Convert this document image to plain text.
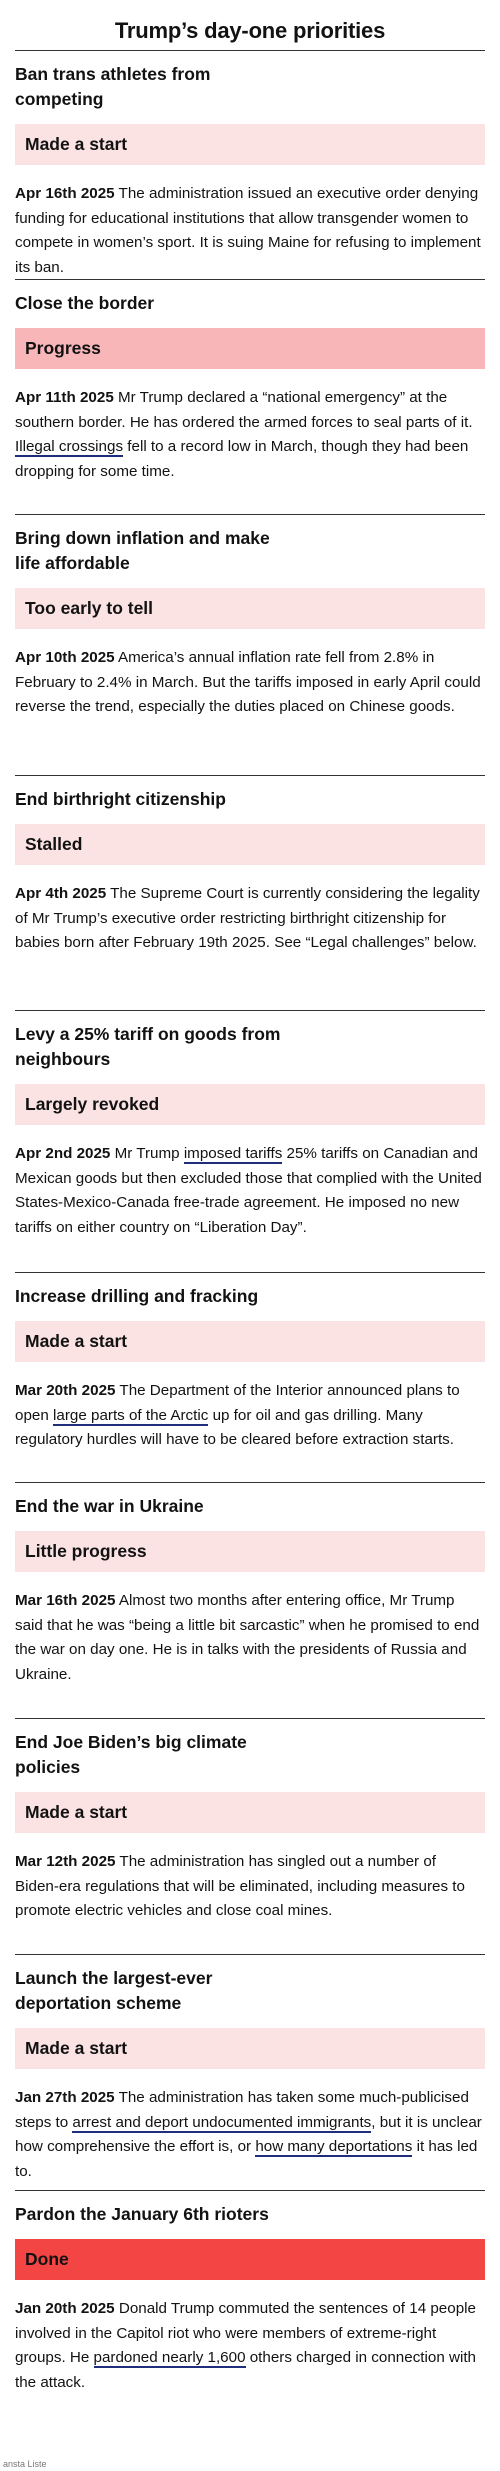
Trump’s day-one priorities
Ban trans athletes from competing
Made a start
Apr 16th 2025 The administration issued an executive order denying funding for educational institutions that allow transgender women to compete in women’s sport. It is suing Maine for refusing to implement its ban.
Close the border
Progress
Apr 11th 2025 Mr Trump declared a “national emergency” at the southern border. He has ordered the armed forces to seal parts of it. Illegal crossings fell to a record low in March, though they had been dropping for some time.
Bring down inflation and make life affordable
Too early to tell
Apr 10th 2025 America’s annual inflation rate fell from 2.8% in February to 2.4% in March. But the tariffs imposed in early April could reverse the trend, especially the duties placed on Chinese goods.
End birthright citizenship
Stalled
Apr 4th 2025 The Supreme Court is currently considering the legality of Mr Trump’s executive order restricting birthright citizenship for babies born after February 19th 2025. See “Legal challenges” below.
Levy a 25% tariff on goods from neighbours
Largely revoked
Apr 2nd 2025 Mr Trump imposed tariffs 25% tariffs on Canadian and Mexican goods but then excluded those that complied with the United States-Mexico-Canada free-trade agreement. He imposed no new tariffs on either country on “Liberation Day”.
Increase drilling and fracking
Made a start
Mar 20th 2025 The Department of the Interior announced plans to open large parts of the Arctic up for oil and gas drilling. Many regulatory hurdles will have to be cleared before extraction starts.
End the war in Ukraine
Little progress
Mar 16th 2025 Almost two months after entering office, Mr Trump said that he was “being a little bit sarcastic” when he promised to end the war on day one. He is in talks with the presidents of Russia and Ukraine.
End Joe Biden’s big climate policies
Made a start
Mar 12th 2025 The administration has singled out a number of Biden-era regulations that will be eliminated, including measures to promote electric vehicles and close coal mines.
Launch the largest-ever deportation scheme
Made a start
Jan 27th 2025 The administration has taken some much-publicised steps to arrest and deport undocumented immigrants, but it is unclear how comprehensive the effort is, or how many deportations it has led to.
Pardon the January 6th rioters
Done
Jan 20th 2025 Donald Trump commuted the sentences of 14 people involved in the Capitol riot who were members of extreme-right groups. He pardoned nearly 1,600 others charged in connection with the attack.
ansta Liste
